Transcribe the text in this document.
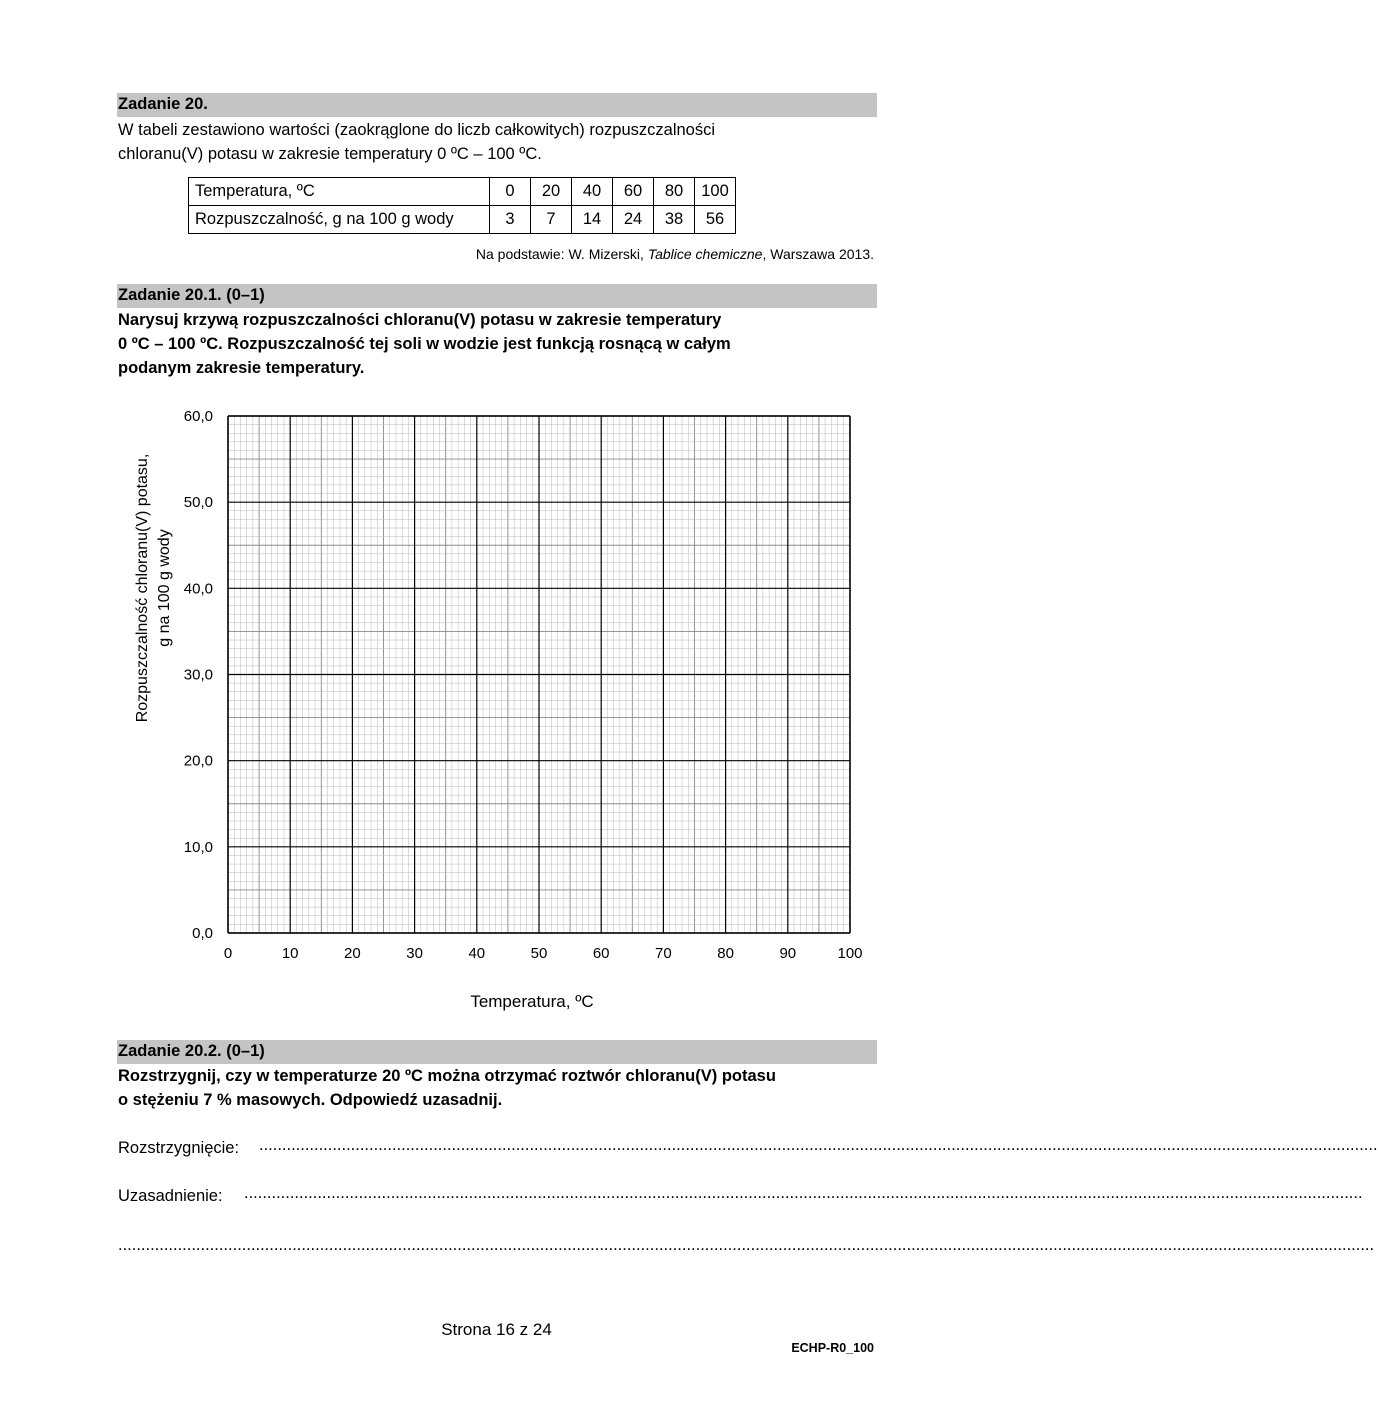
Zadanie 20.
W tabeli zestawiono wartości (zaokrąglone do liczb całkowitych) rozpuszczalności
chloranu(V) potasu w zakresie temperatury 0 ºC – 100 ºC.
Temperatura, ºC	0	20	40	60	80	100
Rozpuszczalność, g na 100 g wody	3	7	14	24	38	56
Na podstawie: W. Mizerski, Tablice chemiczne, Warszawa 2013.
Zadanie 20.1. (0–1)
Narysuj krzywą rozpuszczalności chloranu(V) potasu w zakresie temperatury
0 ºC – 100 ºC. Rozpuszczalność tej soli w wodzie jest funkcją rosnącą w całym
podanym zakresie temperatury.
0	10	20	30	40	50	60	70	80	90	100
0,0
10,0
20,0
30,0
40,0
50,0
60,0
Rozpuszczalność chloranu(V) potasu, g na 100 g wody
Temperatura, ºC
Zadanie 20.2. (0–1)
Rozstrzygnij, czy w temperaturze 20 ºC można otrzymać roztwór chloranu(V) potasu
o stężeniu 7 % masowych. Odpowiedź uzasadnij.
Rozstrzygnięcie: ....................................................................................................................................................................................................................................................
Uzasadnienie: ....................................................................................................................................................................................................................................................
..................................................................................................................................................................................................................................................................................
Strona 16 z 24
ECHP-R0_100
